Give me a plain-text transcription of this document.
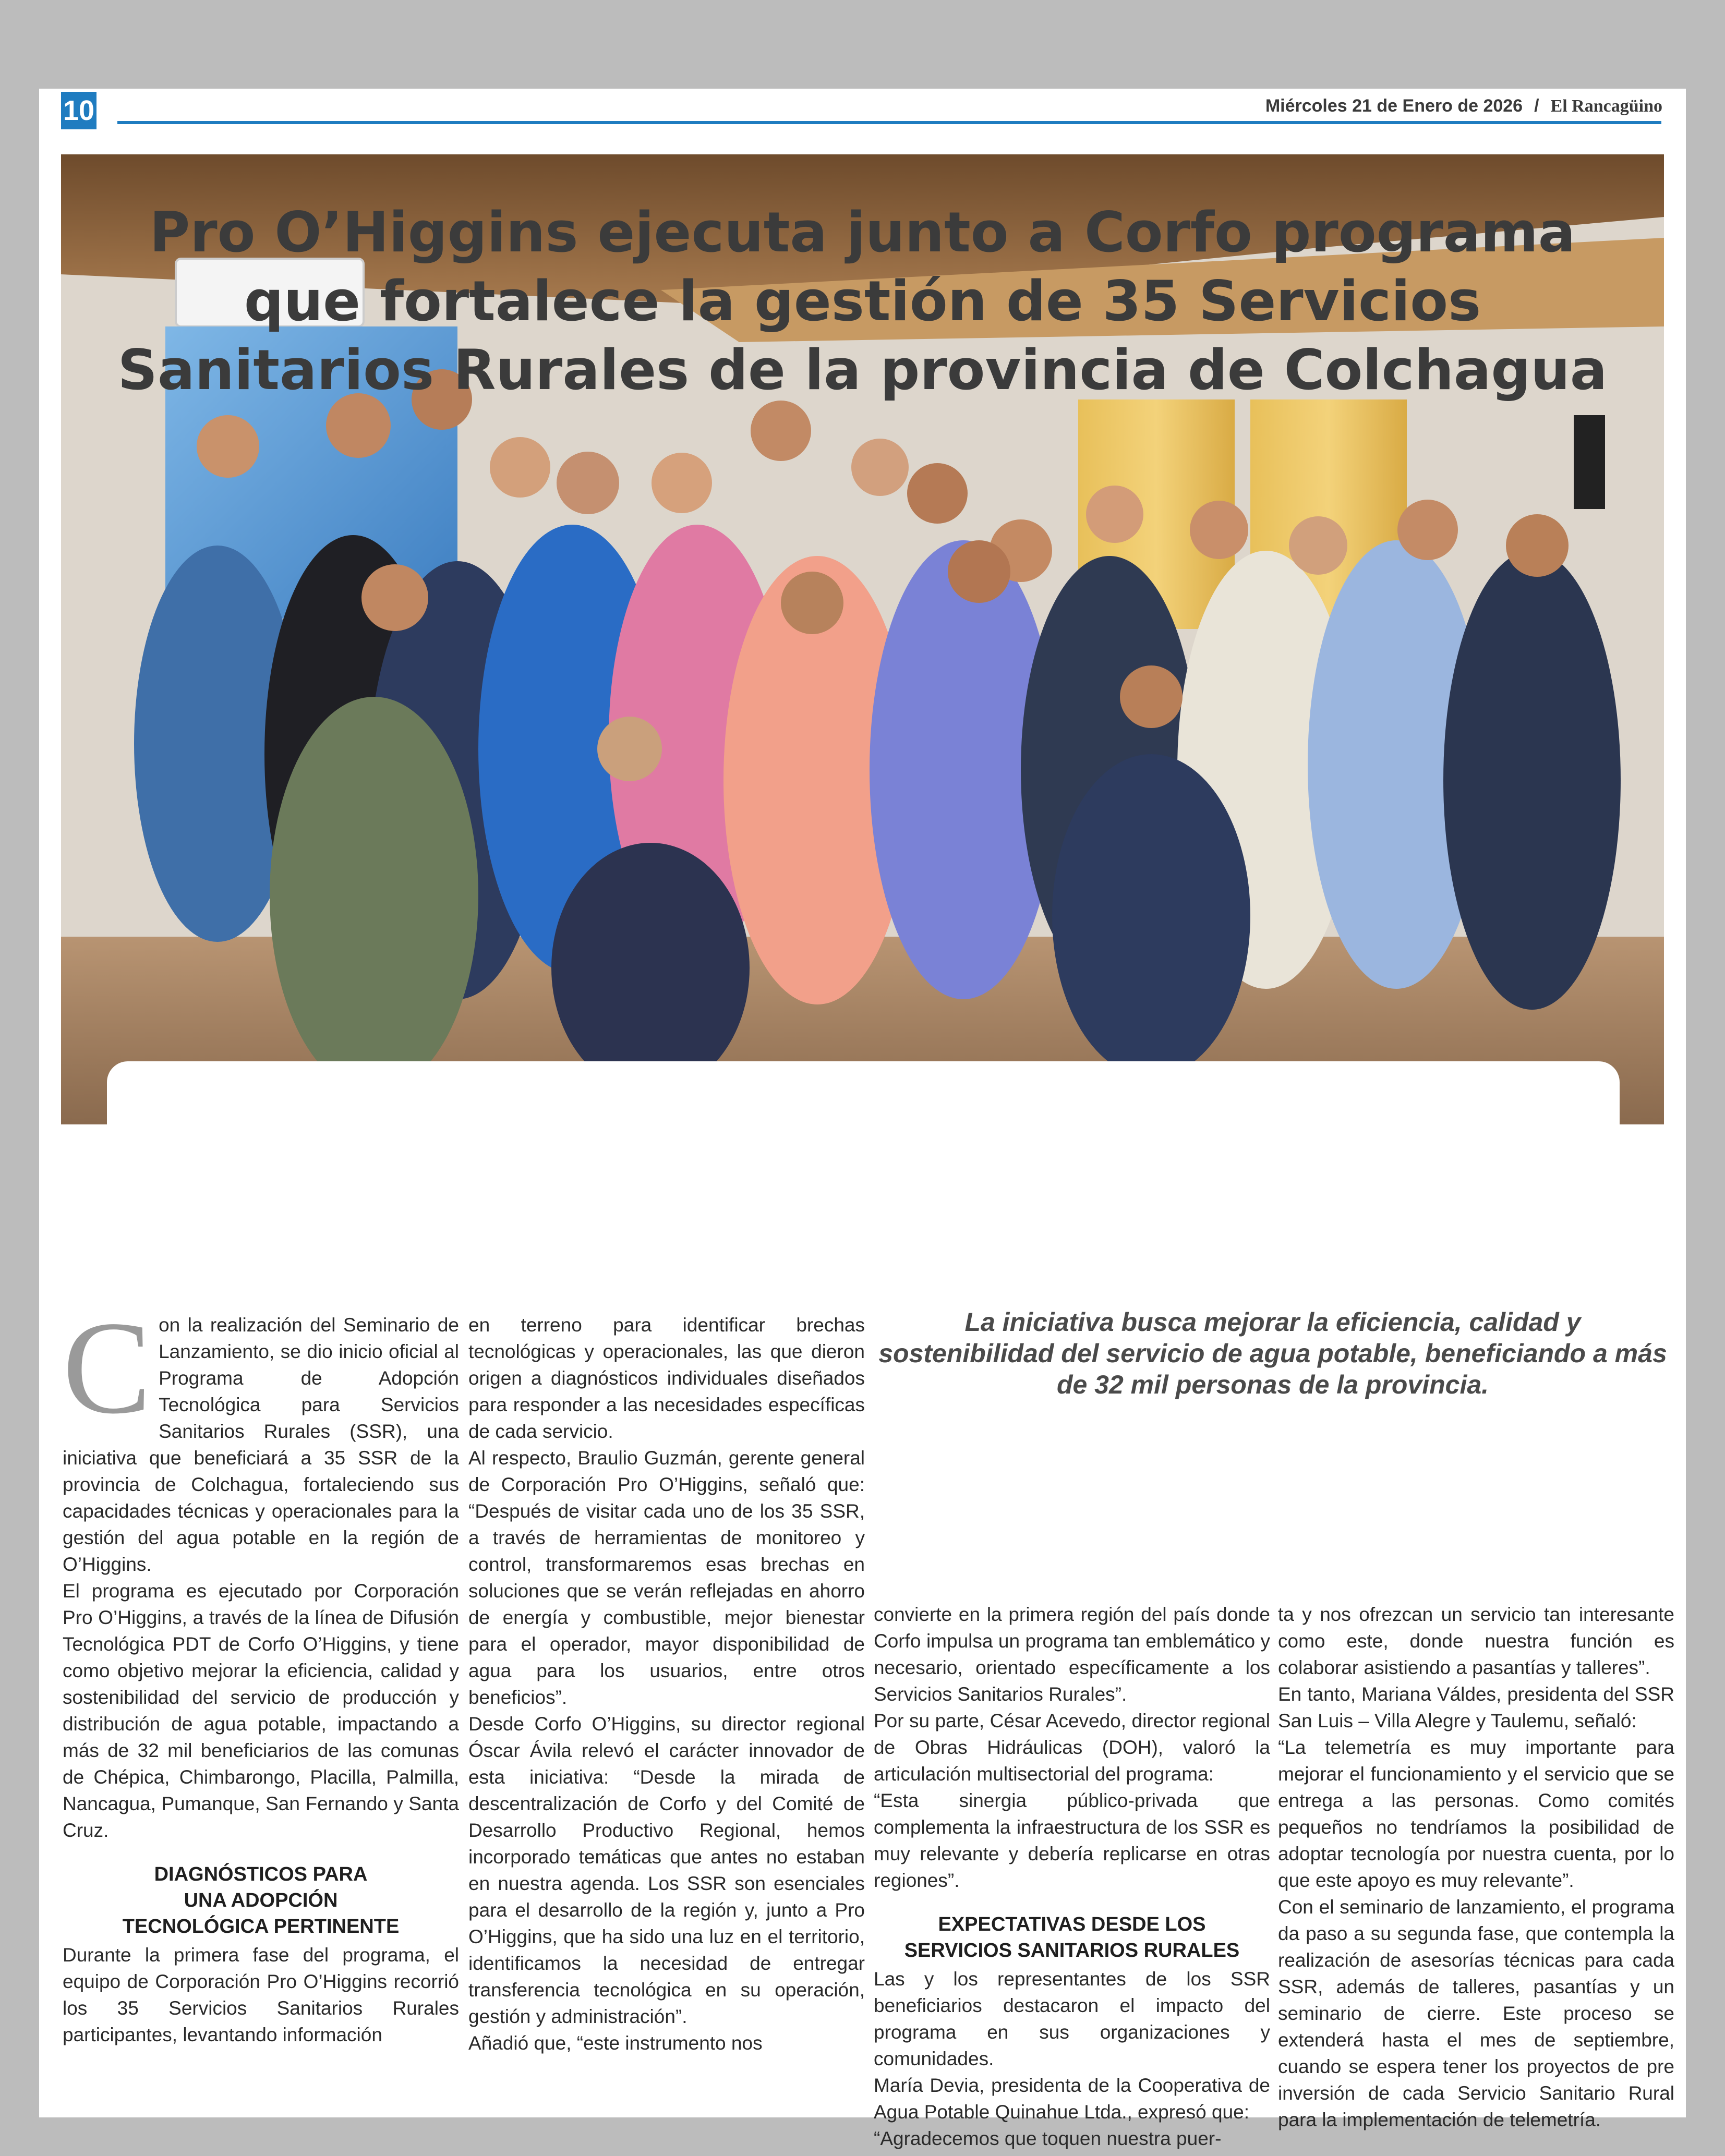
10	Miércoles 21 de Enero de 2026 / El Rancagüino
Pro O’Higgins ejecuta junto a Corfo programa
que fortalece la gestión de 35 Servicios
Sanitarios Rurales de la provincia de Colchagua
La iniciativa busca mejorar la eficiencia, calidad y sostenibilidad del servicio de agua potable, beneficiando a más de 32 mil personas de la provincia.
C on la realización del Seminario de Lanzamiento, se dio inicio oficial al Programa de Adopción Tecnológica para Servicios Sanitarios Rurales (SSR), una iniciativa que beneficiará a 35 SSR de la provincia de Colchagua, fortaleciendo sus capacidades técnicas y operacionales para la gestión del agua potable en la región de O’Higgins.

El programa es ejecutado por Corporación Pro O’Higgins, a través de la línea de Difusión Tecnológica PDT de Corfo O’Higgins, y tiene como objetivo mejorar la eficiencia, calidad y sostenibilidad del servicio de producción y distribución de agua potable, impactando a más de 32 mil beneficiarios de las comunas de Chépica, Chimbarongo, Placilla, Palmilla, Nancagua, Pumanque, San Fernando y Santa Cruz.

DIAGNÓSTICOS PARA
UNA ADOPCIÓN
TECNOLÓGICA PERTINENTE

Durante la primera fase del programa, el equipo de Corporación Pro O’Higgins recorrió los 35 Servicios Sanitarios Rurales participantes, levantando información

en terreno para identificar brechas tecnológicas y operacionales, las que dieron origen a diagnósticos individuales diseñados para responder a las necesidades específicas de cada servicio.

Al respecto, Braulio Guzmán, gerente general de Corporación Pro O’Higgins, señaló que: “Después de visitar cada uno de los 35 SSR, a través de herramientas de monitoreo y control, transformaremos esas brechas en soluciones que se verán reflejadas en ahorro de energía y combustible, mejor bienestar para el operador, mayor disponibilidad de agua para los usuarios, entre otros beneficios”.

Desde Corfo O’Higgins, su director regional Óscar Ávila relevó el carácter innovador de esta iniciativa: “Desde la mirada de descentralización de Corfo y del Comité de Desarrollo Productivo Regional, hemos incorporado temáticas que antes no estaban en nuestra agenda. Los SSR son esenciales para el desarrollo de la región y, junto a Pro O’Higgins, que ha sido una luz en el territorio, identificamos la necesidad de entregar transferencia tecnológica en su operación, gestión y administración”.

Añadió que, “este instrumento nos

convierte en la primera región del país donde Corfo impulsa un programa tan emblemático y necesario, orientado específicamente a los Servicios Sanitarios Rurales”.

Por su parte, César Acevedo, director regional de Obras Hidráulicas (DOH), valoró la articulación multisectorial del programa:

“Esta sinergia público-privada que complementa la infraestructura de los SSR es muy relevante y debería replicarse en otras regiones”.

EXPECTATIVAS DESDE LOS
SERVICIOS SANITARIOS RURALES

Las y los representantes de los SSR beneficiarios destacaron el impacto del programa en sus organizaciones y comunidades.

María Devia, presidenta de la Cooperativa de Agua Potable Quinahue Ltda., expresó que:

“Agradecemos que toquen nuestra puer-

ta y nos ofrezcan un servicio tan interesante como este, donde nuestra función es colaborar asistiendo a pasantías y talleres”.

En tanto, Mariana Váldes, presidenta del SSR San Luis – Villa Alegre y Taulemu, señaló:

“La telemetría es muy importante para mejorar el funcionamiento y el servicio que se entrega a las personas. Como comités pequeños no tendríamos la posibilidad de adoptar tecnología por nuestra cuenta, por lo que este apoyo es muy relevante”.

Con el seminario de lanzamiento, el programa da paso a su segunda fase, que contempla la realización de asesorías técnicas para cada SSR, además de talleres, pasantías y un seminario de cierre. Este proceso se extenderá hasta el mes de septiembre, cuando se espera tener los proyectos de pre inversión de cada Servicio Sanitario Rural para la implementación de telemetría.
